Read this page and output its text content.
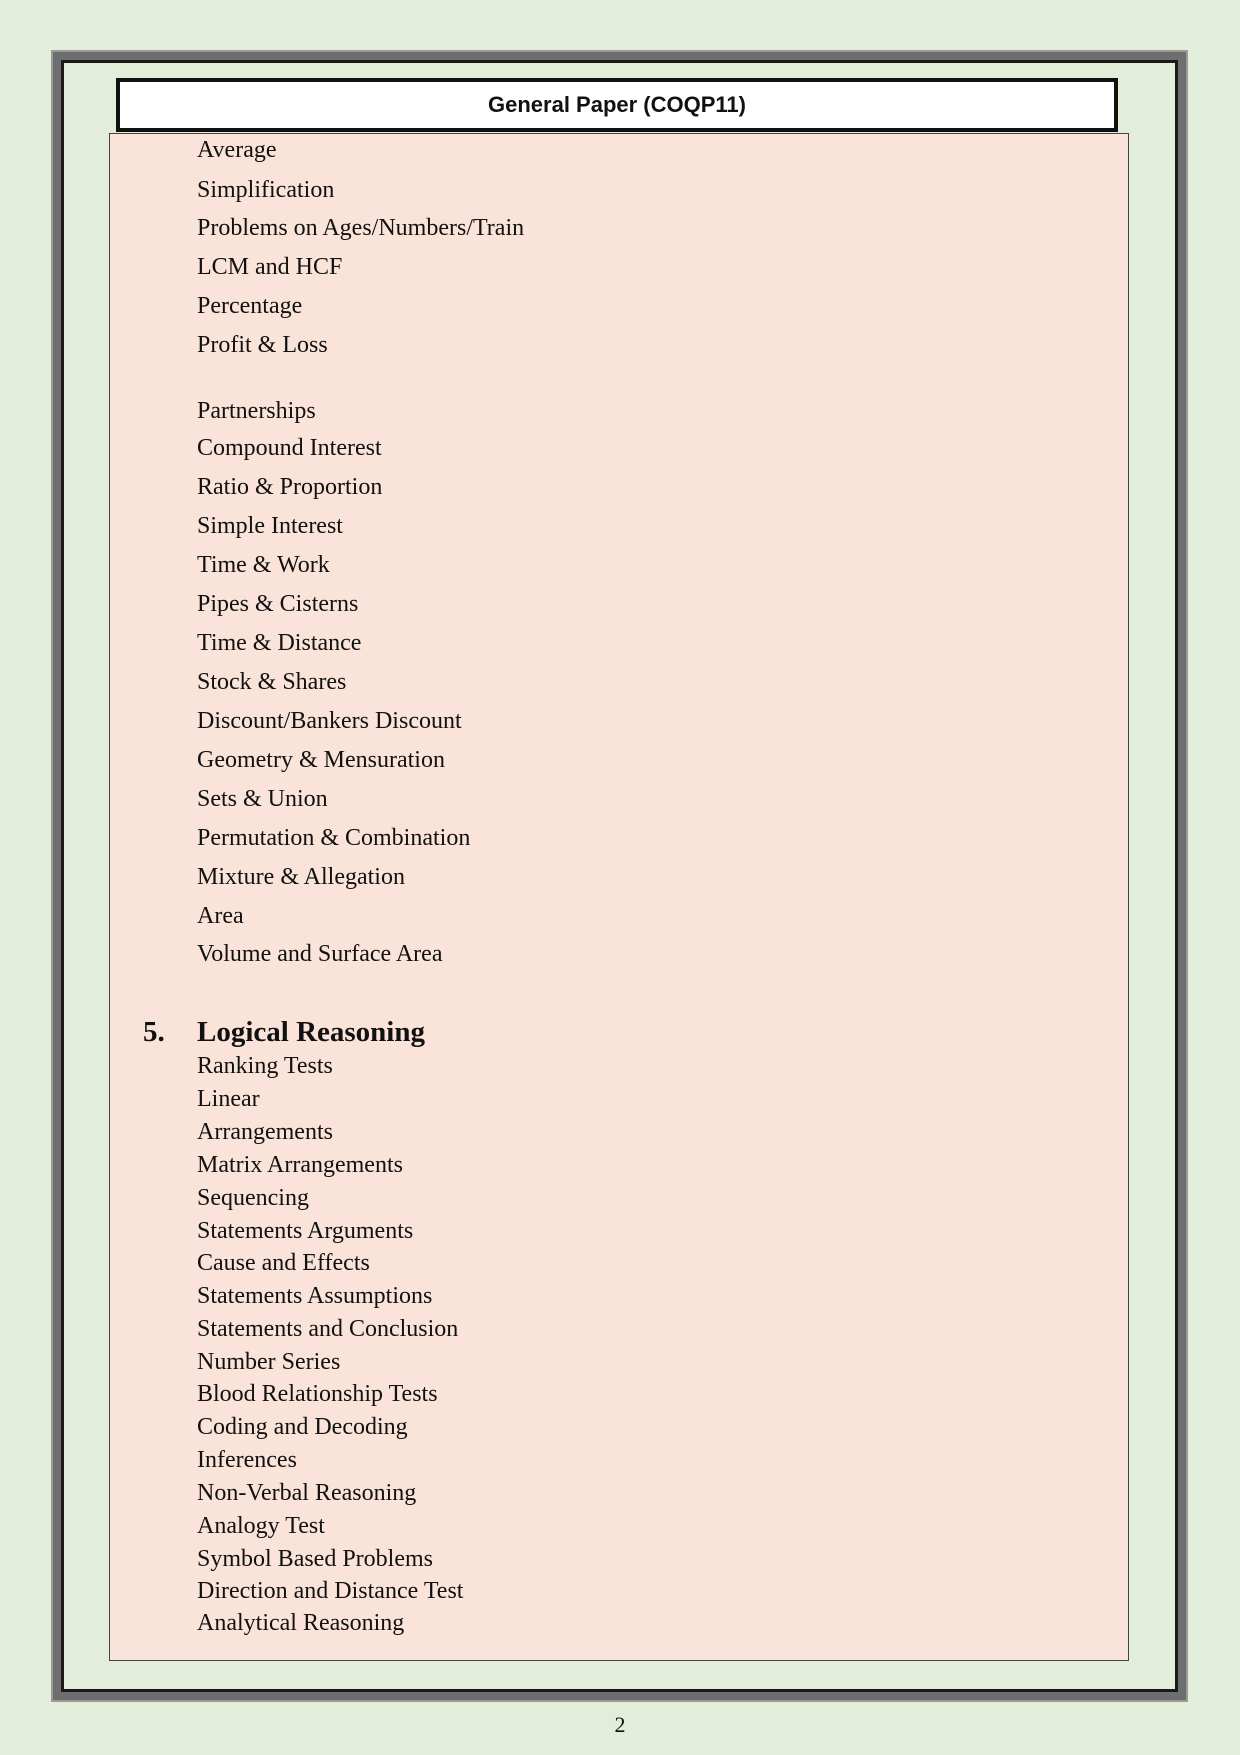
General Paper (COQP11)
Average
Simplification
Problems on Ages/Numbers/Train
LCM and HCF
Percentage
Profit & Loss
Partnerships
Compound Interest
Ratio & Proportion
Simple Interest
Time & Work
Pipes & Cisterns
Time & Distance
Stock & Shares
Discount/Bankers Discount
Geometry & Mensuration
Sets & Union
Permutation & Combination
Mixture & Allegation
Area
Volume and Surface Area
5. Logical Reasoning
Ranking Tests
Linear
Arrangements
Matrix Arrangements
Sequencing
Statements Arguments
Cause and Effects
Statements Assumptions
Statements and Conclusion
Number Series
Blood Relationship Tests
Coding and Decoding
Inferences
Non-Verbal Reasoning
Analogy Test
Symbol Based Problems
Direction and Distance Test
Analytical Reasoning
2
